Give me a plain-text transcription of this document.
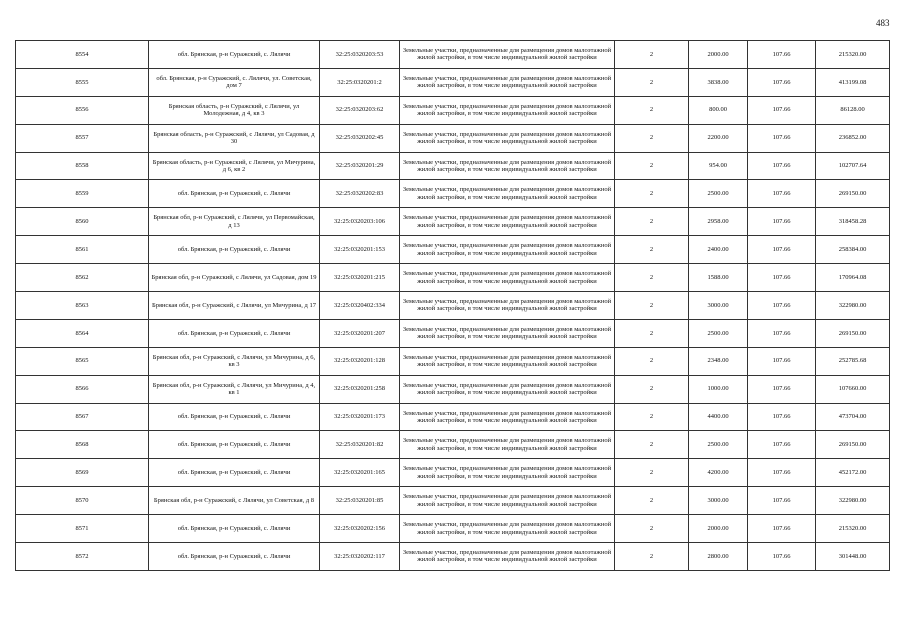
483
8554	обл. Брянская, р-н Суражский, с. Лялячи	32:25:0320203:53	Земельные участки, предназначенные для размещения домов малоэтажной жилой застройки, в том числе индивидуальной жилой застройки	2	2000.00	107.66	215320.00
8555	обл. Брянская, р-н Суражский, с. Лялячи, ул. Советская, дом 7	32:25:0320201:2	Земельные участки, предназначенные для размещения домов малоэтажной жилой застройки, в том числе индивидуальной жилой застройки	2	3838.00	107.66	413199.08
8556	Брянская область, р-н Суражский, с Лялячи, ул Молодежная, д 4, кв 3	32:25:0320203:62	Земельные участки, предназначенные для размещения домов малоэтажной жилой застройки, в том числе индивидуальной жилой застройки	2	800.00	107.66	86128.00
8557	Брянская область, р-н Суражский, с Лялячи, ул Садовая, д 30	32:25:0320202:45	Земельные участки, предназначенные для размещения домов малоэтажной жилой застройки, в том числе индивидуальной жилой застройки	2	2200.00	107.66	236852.00
8558	Брянская область, р-н Суражский, с Лялячи, ул Мичурина, д 6, кв 2	32:25:0320201:29	Земельные участки, предназначенные для размещения домов малоэтажной жилой застройки, в том числе индивидуальной жилой застройки	2	954.00	107.66	102707.64
8559	обл. Брянская, р-н Суражский, с. Лялячи	32:25:0320202:83	Земельные участки, предназначенные для размещения домов малоэтажной жилой застройки, в том числе индивидуальной жилой застройки	2	2500.00	107.66	269150.00
8560	Брянская обл, р-н Суражский, с Лялячи, ул Первомайская, д 13	32:25:0320203:106	Земельные участки, предназначенные для размещения домов малоэтажной жилой застройки, в том числе индивидуальной жилой застройки	2	2958.00	107.66	318458.28
8561	обл. Брянская, р-н Суражский, с. Лялячи	32:25:0320201:153	Земельные участки, предназначенные для размещения домов малоэтажной жилой застройки, в том числе индивидуальной жилой застройки	2	2400.00	107.66	258384.00
8562	Брянская обл, р-н Суражский, с Лялячи, ул Садовая, дом 19	32:25:0320201:215	Земельные участки, предназначенные для размещения домов малоэтажной жилой застройки, в том числе индивидуальной жилой застройки	2	1588.00	107.66	170964.08
8563	Брянская обл, р-н Суражский, с Лялячи, ул Мичурина, д 17	32:25:0320402:334	Земельные участки, предназначенные для размещения домов малоэтажной жилой застройки, в том числе индивидуальной жилой застройки	2	3000.00	107.66	322980.00
8564	обл. Брянская, р-н Суражский, с. Лялячи	32:25:0320201:207	Земельные участки, предназначенные для размещения домов малоэтажной жилой застройки, в том числе индивидуальной жилой застройки	2	2500.00	107.66	269150.00
8565	Брянская обл, р-н Суражский, с Лялячи, ул Мичурина, д 6, кв 3	32:25:0320201:128	Земельные участки, предназначенные для размещения домов малоэтажной жилой застройки, в том числе индивидуальной жилой застройки	2	2348.00	107.66	252785.68
8566	Брянская обл, р-н Суражский, с Лялячи, ул Мичурина, д 4, кв 1	32:25:0320201:258	Земельные участки, предназначенные для размещения домов малоэтажной жилой застройки, в том числе индивидуальной жилой застройки	2	1000.00	107.66	107660.00
8567	обл. Брянская, р-н Суражский, с. Лялячи	32:25:0320201:173	Земельные участки, предназначенные для размещения домов малоэтажной жилой застройки, в том числе индивидуальной жилой застройки	2	4400.00	107.66	473704.00
8568	обл. Брянская, р-н Суражский, с. Лялячи	32:25:0320201:82	Земельные участки, предназначенные для размещения домов малоэтажной жилой застройки, в том числе индивидуальной жилой застройки	2	2500.00	107.66	269150.00
8569	обл. Брянская, р-н Суражский, с. Лялячи	32:25:0320201:165	Земельные участки, предназначенные для размещения домов малоэтажной жилой застройки, в том числе индивидуальной жилой застройки	2	4200.00	107.66	452172.00
8570	Брянская обл, р-н Суражский, с Лялячи, ул Советская, д 8	32:25:0320201:85	Земельные участки, предназначенные для размещения домов малоэтажной жилой застройки, в том числе индивидуальной жилой застройки	2	3000.00	107.66	322980.00
8571	обл. Брянская, р-н Суражский, с. Лялячи	32:25:0320202:156	Земельные участки, предназначенные для размещения домов малоэтажной жилой застройки, в том числе индивидуальной жилой застройки	2	2000.00	107.66	215320.00
8572	обл. Брянская, р-н Суражский, с. Лялячи	32:25:0320202:117	Земельные участки, предназначенные для размещения домов малоэтажной жилой застройки, в том числе индивидуальной жилой застройки	2	2800.00	107.66	301448.00
